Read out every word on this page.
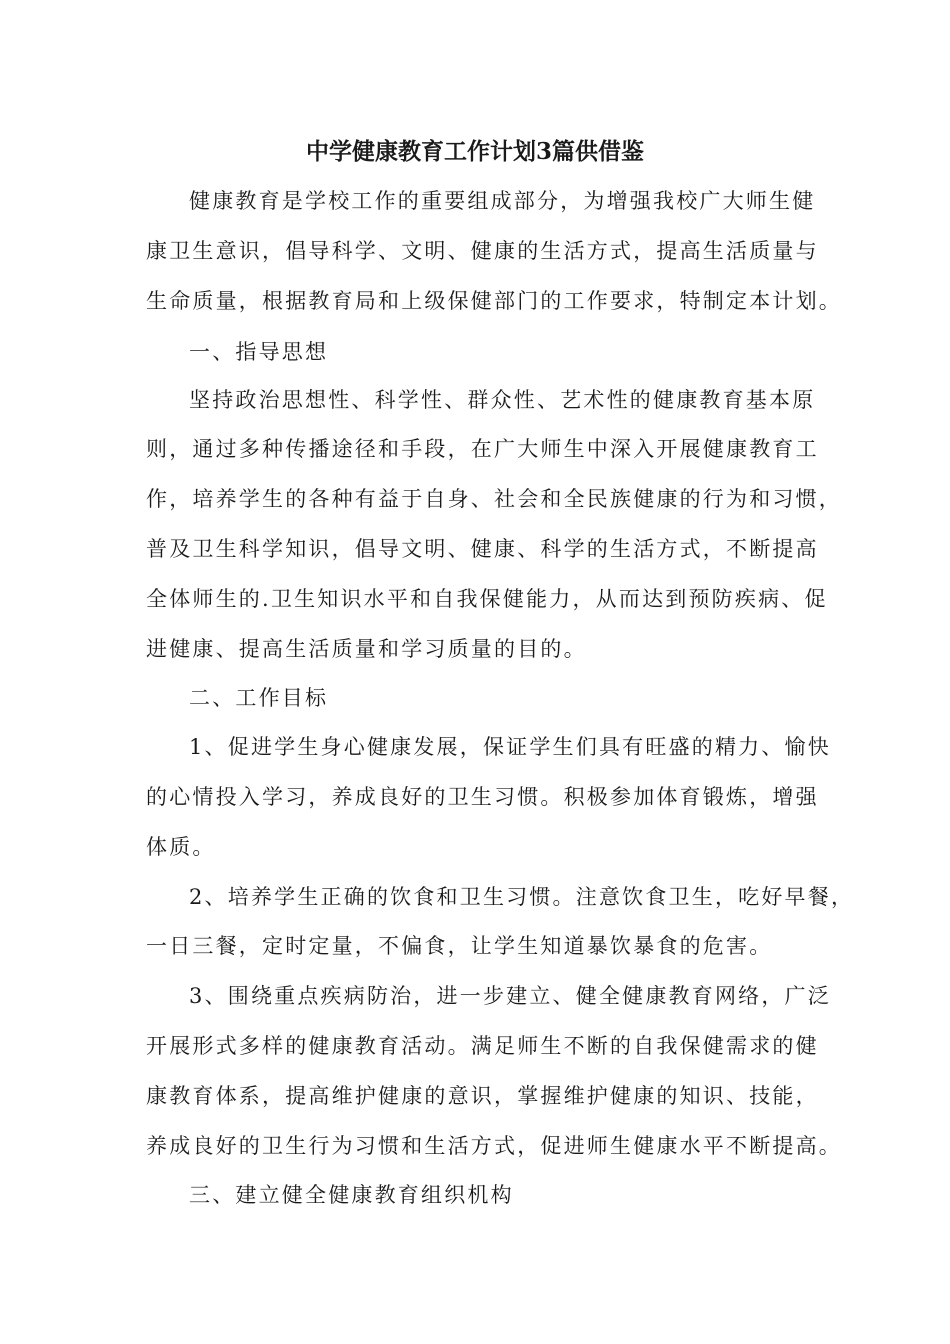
中学健康教育工作计划3篇供借鉴
健康教育是学校工作的重要组成部分，为增强我校广大师生健
康卫生意识，倡导科学、文明、健康的生活方式，提高生活质量与
生命质量，根据教育局和上级保健部门的工作要求，特制定本计划。
一、指导思想
坚持政治思想性、科学性、群众性、艺术性的健康教育基本原
则，通过多种传播途径和手段，在广大师生中深入开展健康教育工
作，培养学生的各种有益于自身、社会和全民族健康的行为和习惯，
普及卫生科学知识，倡导文明、健康、科学的生活方式，不断提高
全体师生的.卫生知识水平和自我保健能力，从而达到预防疾病、促
进健康、提高生活质量和学习质量的目的。
二、工作目标
1、促进学生身心健康发展，保证学生们具有旺盛的精力、愉快
的心情投入学习，养成良好的卫生习惯。积极参加体育锻炼，增强
体质。
2、培养学生正确的饮食和卫生习惯。注意饮食卫生，吃好早餐，
一日三餐，定时定量，不偏食，让学生知道暴饮暴食的危害。
3、围绕重点疾病防治，进一步建立、健全健康教育网络，广泛
开展形式多样的健康教育活动。满足师生不断的自我保健需求的健
康教育体系，提高维护健康的意识，掌握维护健康的知识、技能，
养成良好的卫生行为习惯和生活方式，促进师生健康水平不断提高。
三、建立健全健康教育组织机构
